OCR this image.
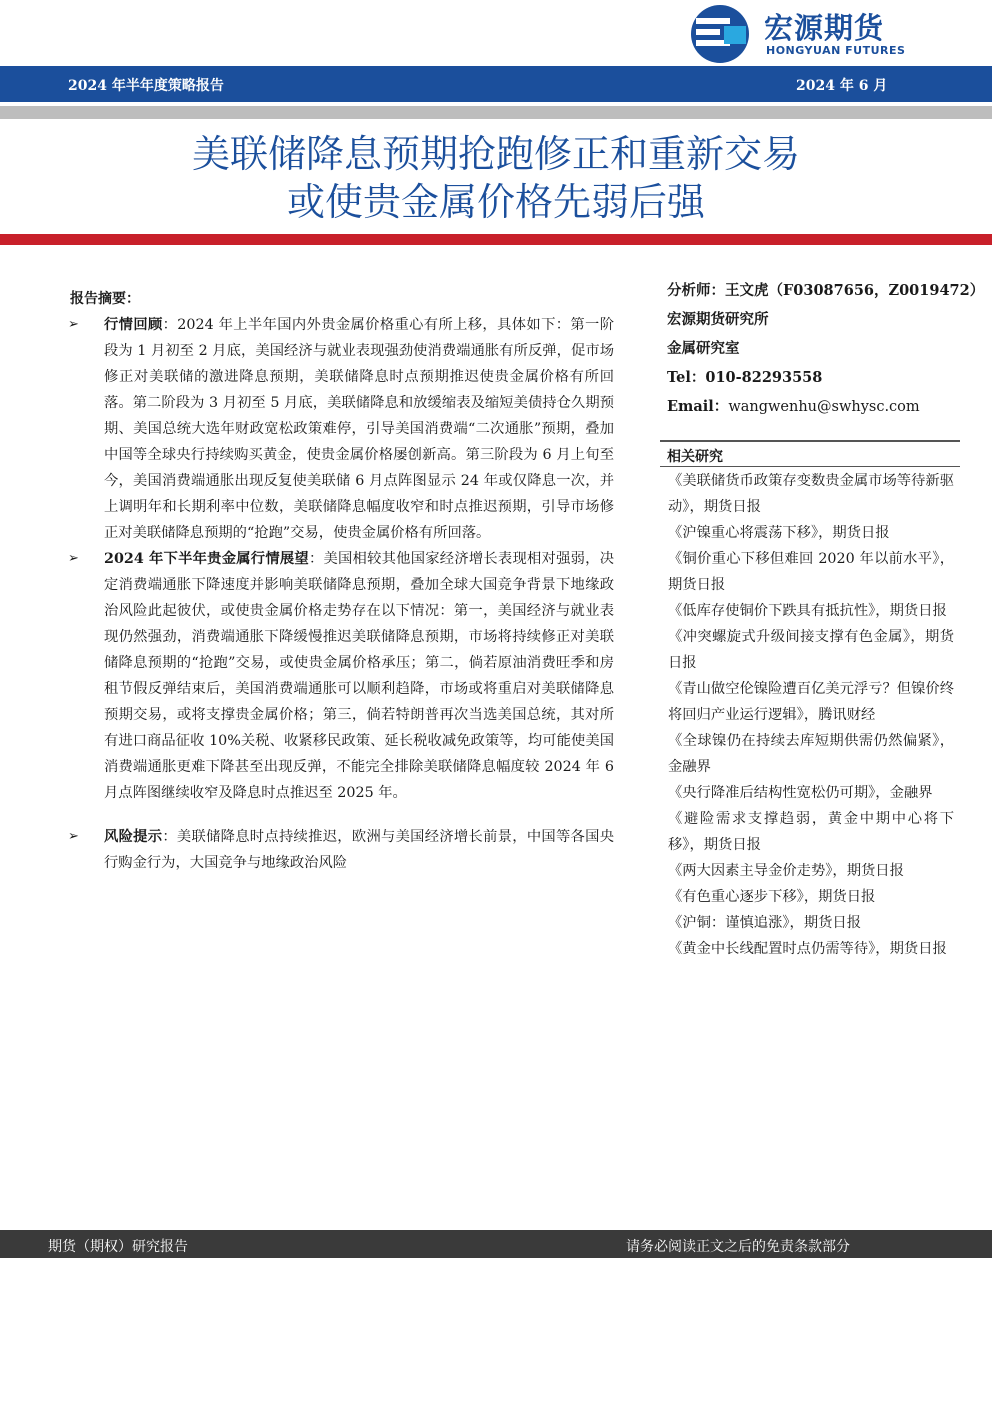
宏源期货
HONGYUAN FUTURES
2024 年半年度策略报告	2024 年 6 月
美联储降息预期抢跑修正和重新交易
或使贵金属价格先弱后强
报告摘要：
➢	行情回顾：2024 年上半年国内外贵金属价格重心有所上移，具体如下：第一阶段为 1 月初至 2 月底，美国经济与就业表现强劲使消费端通胀有所反弹，促市场修正对美联储的激进降息预期，美联储降息时点预期推迟使贵金属价格有所回落。第二阶段为 3 月初至 5 月底，美联储降息和放缓缩表及缩短美债持仓久期预期、美国总统大选年财政宽松政策难停，引导美国消费端“二次通胀”预期，叠加中国等全球央行持续购买黄金，使贵金属价格屡创新高。第三阶段为 6 月上旬至今，美国消费端通胀出现反复使美联储 6 月点阵图显示 24 年或仅降息一次，并上调明年和长期利率中位数，美联储降息幅度收窄和时点推迟预期，引导市场修正对美联储降息预期的“抢跑”交易，使贵金属价格有所回落。
➢	2024 年下半年贵金属行情展望：美国相较其他国家经济增长表现相对强弱，决定消费端通胀下降速度并影响美联储降息预期，叠加全球大国竞争背景下地缘政治风险此起彼伏，或使贵金属价格走势存在以下情况：第一，美国经济与就业表现仍然强劲，消费端通胀下降缓慢推迟美联储降息预期，市场将持续修正对美联储降息预期的“抢跑”交易，或使贵金属价格承压；第二，倘若原油消费旺季和房租节假反弹结束后，美国消费端通胀可以顺利趋降，市场或将重启对美联储降息预期交易，或将支撑贵金属价格；第三，倘若特朗普再次当选美国总统，其对所有进口商品征收 10%关税、收紧移民政策、延长税收减免政策等，均可能使美国消费端通胀更难下降甚至出现反弹，不能完全排除美联储降息幅度较 2024 年 6 月点阵图继续收窄及降息时点推迟至 2025 年。
➢	风险提示：美联储降息时点持续推迟，欧洲与美国经济增长前景，中国等各国央行购金行为，大国竞争与地缘政治风险
分析师：王文虎（F03087656，Z0019472）
宏源期货研究所
金属研究室
Tel：010-82293558
Email：wangwenhu@swhysc.com
相关研究
《美联储货币政策存变数贵金属市场等待新驱动》，期货日报
《沪镍重心将震荡下移》，期货日报
《铜价重心下移但难回 2020 年以前水平》，期货日报
《低库存使铜价下跌具有抵抗性》，期货日报
《冲突螺旋式升级间接支撑有色金属》，期货日报
《青山做空伦镍险遭百亿美元浮亏？但镍价终将回归产业运行逻辑》，腾讯财经
《全球镍仍在持续去库短期供需仍然偏紧》，金融界
《央行降准后结构性宽松仍可期》，金融界
《避险需求支撑趋弱，黄金中期中心将下移》，期货日报
《两大因素主导金价走势》，期货日报
《有色重心逐步下移》，期货日报
《沪铜：谨慎追涨》，期货日报
《黄金中长线配置时点仍需等待》，期货日报
期货（期权）研究报告	请务必阅读正文之后的免责条款部分
